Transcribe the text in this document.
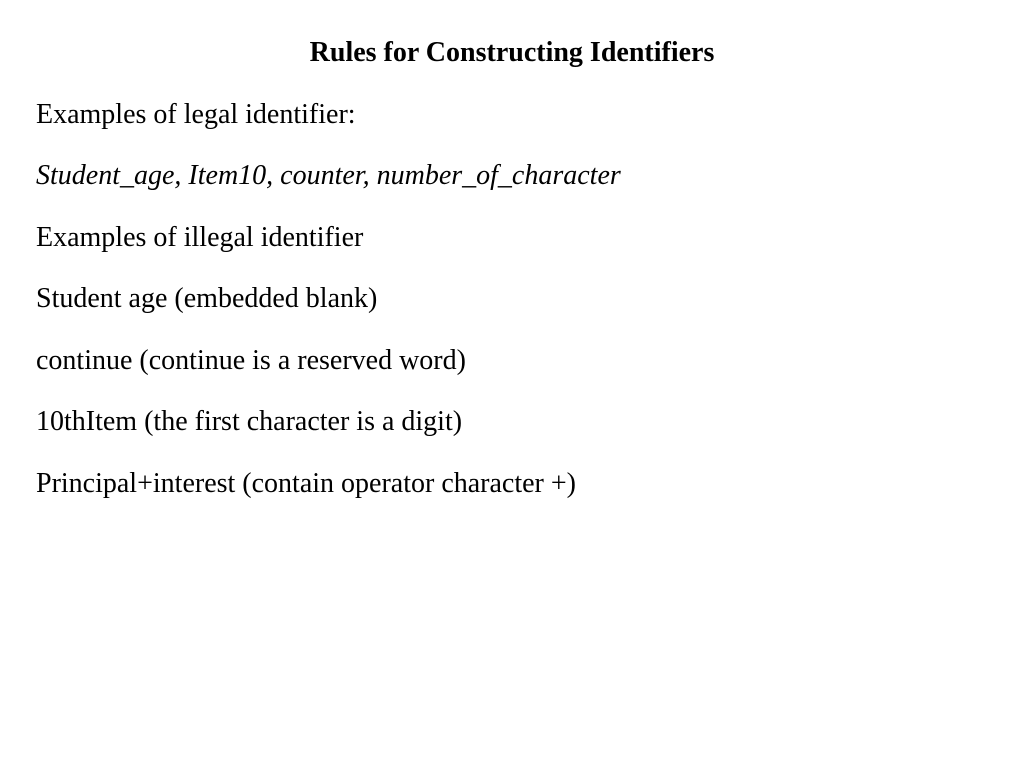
Rules for Constructing Identifiers
Examples of legal identifier:
Student_age, Item10, counter, number_of_character
Examples of illegal identifier
Student age (embedded blank)
continue (continue is a reserved word)
10thItem (the first character is a digit)
Principal+interest (contain operator character +)
